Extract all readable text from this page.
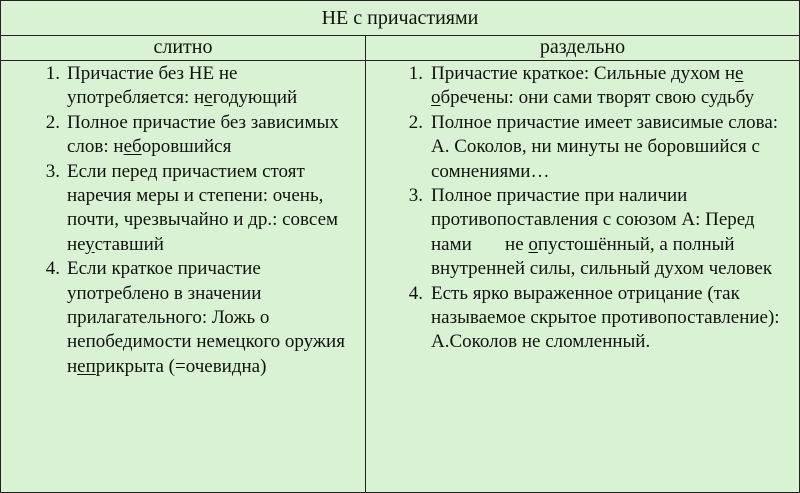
НЕ с причастиями
слитно	раздельно
1. Причастие без НЕ не употребляется: негодующий
2. Полное причастие без зависимых слов: неборовшийся
3. Если перед причастием стоят наречия меры и степени: очень, почти, чрезвычайно и др.: совсем неуставший
4. Если краткое причастие употреблено в значении прилагательного: Ложь о непобедимости немецкого оружия неприкрыта (=очевидна)
1. Причастие краткое: Сильные духом не обречены: они сами творят свою судьбу
2. Полное причастие имеет зависимые слова: А. Соколов, ни минуты не боровшийся с сомнениями…
3. Полное причастие при наличии противопоставления с союзом А: Перед нами       не опустошённый, а полный внутренней силы, сильный духом человек
4. Есть ярко выраженное отрицание (так называемое скрытое противопоставление): А.Соколов не сломленный.
